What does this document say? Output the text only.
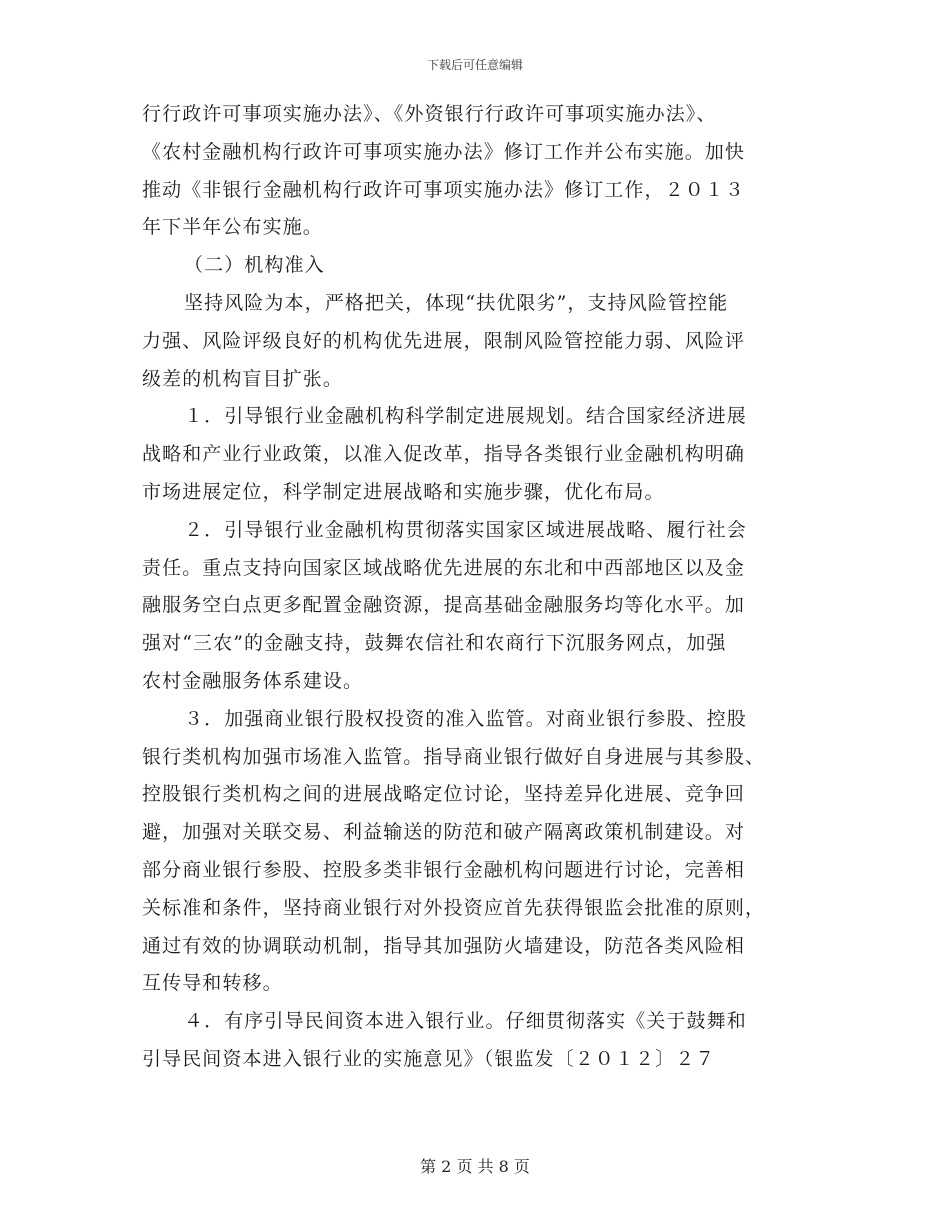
下载后可任意编辑
行行政许可事项实施办法》、《外资银行行政许可事项实施办法》、
《农村金融机构行政许可事项实施办法》修订工作并公布实施。加快
推动《非银行金融机构行政许可事项实施办法》修订工作，２０１３
年下半年公布实施。
（二）机构准入
坚持风险为本，严格把关，体现“扶优限劣”，支持风险管控能
力强、风险评级良好的机构优先进展，限制风险管控能力弱、风险评
级差的机构盲目扩张。
１．引导银行业金融机构科学制定进展规划。结合国家经济进展
战略和产业行业政策，以准入促改革，指导各类银行业金融机构明确
市场进展定位，科学制定进展战略和实施步骤，优化布局。
２．引导银行业金融机构贯彻落实国家区域进展战略、履行社会
责任。重点支持向国家区域战略优先进展的东北和中西部地区以及金
融服务空白点更多配置金融资源，提高基础金融服务均等化水平。加
强对“三农”的金融支持，鼓舞农信社和农商行下沉服务网点，加强
农村金融服务体系建设。
３．加强商业银行股权投资的准入监管。对商业银行参股、控股
银行类机构加强市场准入监管。指导商业银行做好自身进展与其参股、
控股银行类机构之间的进展战略定位讨论，坚持差异化进展、竞争回
避，加强对关联交易、利益输送的防范和破产隔离政策机制建设。对
部分商业银行参股、控股多类非银行金融机构问题进行讨论，完善相
关标准和条件，坚持商业银行对外投资应首先获得银监会批准的原则，
通过有效的协调联动机制，指导其加强防火墙建设，防范各类风险相
互传导和转移。
４．有序引导民间资本进入银行业。仔细贯彻落实《关于鼓舞和
引导民间资本进入银行业的实施意见》（银监发〔２０１２〕２７
第 2 页 共 8 页
